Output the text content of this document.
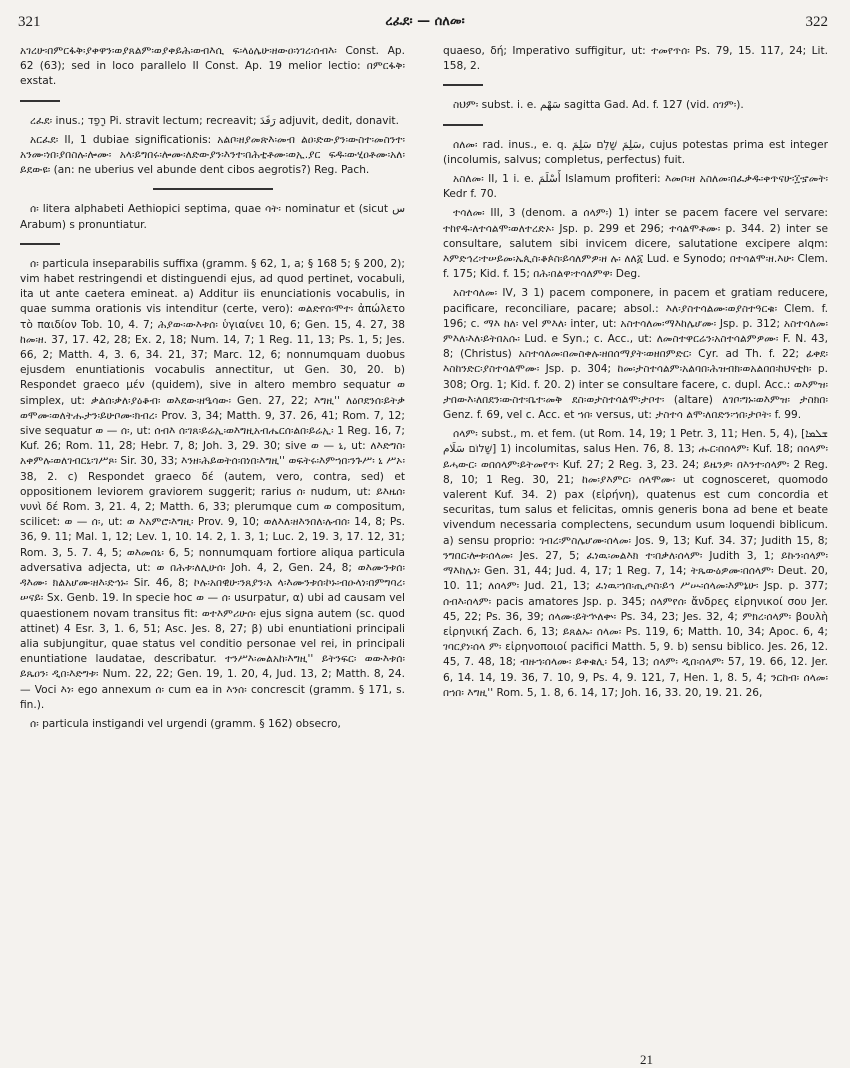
321	ረፈደ፡ — ሰለመ፡	322

አገረሁ፡በምርፋቅ፡ያቀዋን፡ወያጸልም፡ወያቀይሕ፡ወብእሲ ፍ፡ላዕሌሁ፡ዘውዐ፡ነገረ፡ሰብእ፡ Const. Ap. 62 (63); sed in loco parallelo II Const. Ap. 19 melior lectio: በምርፋቅ፡ exstat.

ረፈደ፡ inus.; רָפַד Pi. stravit lectum; recreavit; رَفَدَ adjuvit, dedit, donavit.

አርፈደ፡ II, 1 dubiae significationis: አልቦ፡ዘያመጽእ፡መብ ልዐ፡ድውያን፡ውስተ፡መስንተ፡አንሙ፡ነበ፡ያበስሉ፡ሎሙ፡ አላ፡ይግበሩ፡ሎሙ፡ለድውያን፡እንተ፡በሕቲቶሙ፡ወኢ.ያር ፍዱ፡ውሂዐቶሙ፡አለ፡ይደውዩ፡ (an: ne uberius vel abunde dent cibos aegrotis?) Reg. Pach.

ሰ፡ litera alphabeti Aethiopici septima, quae ሳት፡ nominatur et (sicut س Arabum) s pronuntiatur.

ሰ፡ particula inseparabilis suffixa (gramm. § 62, 1, a; § 168 5; § 200, 2); vim habet restringendi et distinguendi ejus, ad quod pertinet, vocabuli, ita ut ante caetera emineat. a) Additur iis enunciationis vocabulis, in quae summa orationis vis intenditur (certe, vero): ወልድየሰ፡ሞተ፡ ἀπώλετο τὸ παιδίον Tob. 10, 4. 7; ሕያው፡ውእቱሰ፡ ὑγιαίνει 10, 6; Gen. 15, 4. 27, 38 ከመ፡ዘ. 37, 17. 42, 28; Ex. 2, 18; Num. 14, 7; 1 Reg. 11, 13; Ps. 1, 5; Jes. 66, 2; Matth. 4, 3. 6, 34. 21, 37; Marc. 12, 6; nonnumquam duobus ejusdem enuntiationis vocabulis annectitur, ut Gen. 30, 20. b) Respondet graeco μέν (quidem), sive in altero membro sequatur ወ simplex, ut: ቃልሰ፡ቃለ፡ያዕቆብ፡ ወእደው፡ዘዔሳው፡ Gen. 27, 22; እግዚ'' ለዕቦደንሰ፡ይትቃ ወሞሙ፡ወለትሑታን፡ይሁቦሙ፡ክብረ፡ Prov. 3, 34; Matth. 9, 37. 26, 41; Rom. 7, 12; sive sequatur ወ — ሰ፡, ut: ሰብእ ሰ፡ገጸ፡ይሬኢ፡ወእግዚአብሔርሰ፡ልበ፡ይሬኢ፡ 1 Reg. 16, 7; Kuf. 26; Rom. 11, 28; Hebr. 7, 8; Joh. 3, 29. 30; sive ወ — ኒ, ut: ለእድግስ፡አቀምሉ፡ወለገብርኒ፡ገሥጾ፡ Sir. 30, 33; እንዘ፡ሕይወትሰ፡በነበ፡እግዚ'' ወፍትሩ፡እምኀበ፡ንጉሥ፡ ኒ ሥኦ፡ 38, 2. c) Respondet graeco δέ (autem, vero, contra, sed) et oppositionem leviorem graviorem suggerit; rarius ሰ፡ nudum, ut: ይእዜሰ፡ νυνὶ δέ Rom. 3, 21. 4, 2; Matth. 6, 33; plerumque cum ወ compositum, scilicet: ወ — ሰ፡, ut: ወ እአምሮ፡እግዚ፡ Prov. 9, 10; ወለእለ፡ዘእንበለ፡ሉብሰ፡ 14, 8; Ps. 36, 9. 11; Mal. 1, 12; Lev. 1, 10. 14. 2, 1. 3, 1; Luc. 2, 19. 3, 17. 12, 31; Rom. 3, 5. 7. 4, 5; ወእመሰኒ፡ 6, 5; nonnumquam fortiore aliqua particula adversativa adjecta, ut: ወ በሕቱ፡ለሊሁሰ፡ Joh. 4, 2, Gen. 24, 8; ወእሙንቱሰ፡ዳእሙ፡ ክልአሆሙ፡ዘእ፡ድኅኑ፡ Sir. 46, 8; ኮሉ፡አበዊሁ፡ንጸያን፡አ ላ፡እሙንቱሰ፡ኮኑ፡ብዑላነ፡በምግባረ፡ሠናይ፡ Sx. Genb. 19. In specie hoc ወ — ሰ፡ usurpatur, α) ubi ad causam vel quaestionem novam transitus fit: ወተእምሪሁሰ፡ ejus signa autem (sc. quod attinet) 4 Esr. 3, 1. 6, 51; Asc. Jes. 8, 27; β) ubi enuntiationi principali alia subjungitur, quae status vel conditio personae vel rei, in principali enuntiatione laudatae, describatur. ተንሥእ፡መልአከ፡እግዚ'' ይትንፍር፡ ወውእቱሰ፡ይጼዐን፡ ዲበ፡እድግቱ፡ Num. 22, 22; Gen. 19, 1. 20, 4, Jud. 13, 2; Matth. 8, 24. — Voci እነ፡ ego annexum ሰ፡ cum ea in እንሰ፡ concrescit (gramm. § 171, s. fin.).

ሰ፡ particula instigandi vel urgendi (gramm. § 162) obsecro,

quaeso, δή; Imperativo suffigitur, ut: ተመየጥሰ፡ Ps. 79, 15. 117, 24; Lit. 158, 2.

ስህም፡ subst. i. e. سَهْم sagitta Gad. Ad. f. 127 (vid. ሰገም፡).

ሰለመ፡ rad. inus., e. q. سَلِمَ שָׁלֵם سَلِمَ, cujus potestas prima est integer (incolumis, salvus; completus, perfectus) fuit.

አስለመ፡ II, 1 i. e. أَسْلَمَ Islamum profiteri: እመቦ፡ዘ አስለመ፡በፈቃዱ፡ቀጥናሁ፡፲ኇመት፡ Kedr f. 70.

ተሳለመ፡ III, 3 (denom. a ሰላም፡) 1) inter se pacem facere vel servare: ተከየዱ፡ለተሳልሞ፡ወለተረድኦ፡ Jsp. p. 299 et 296; ተሳልሞቶሙ፡ p. 344. 2) inter se consultare, salutem sibi invicem dicere, salutatione excipere alqm: እምድኅረ፡ተሠይመ፡ኤጲስ፡ቆጶስ፡ይሳለምዎ፡ዘ ሉ፡ ለለ፩ Lud. e Synodo; በተሳልሞ፡ዘ.እሁ፡ Clem. f. 175; Kid. f. 15; በሕ፡በልዋ፡ተሳለምዋ፡ Deg.

አስተሳለመ፡ IV, 3 1) pacem componere, in pacem et gratiam reducere, pacificare, reconciliare, pacare; absol.: እለ፡ያስተሳልሙ፡ወያስተዓርቁ፡ Clem. f. 196; c. ማእ ከለ፡ vel ምእለ፡ inter, ut: አስተሳለመ፡ማእከሌሆሙ፡ Jsp. p. 312; አስተሳለመ፡ምእለ፡እለ፡ይትበአሱ፡ Lud. e Syn.; c. Acc., ut: ለመስተዋርሬን፡አስተሳልምዎሙ፡ F. N. 43, 8; (Christus) አስተሳለመ፡በመስቀሉ፡ዘበሰማያት፡ወዘበምድር፡ Cyr. ad Th. f. 22; ፊቀደ፡እስከንድር፡ያስተሳልሞሙ፡ Jsp. p. 304; ከመ፡ታስተሳልም፡አልባበ፡ሕዝብክ፡ወአልበበ፡ከህናቲከ፡ p. 308; Org. 1; Kid. f. 20. 2) inter se consultare facere, c. dupl. Acc.: ወእምዝ፡ታበውእ፡ለበደን፡ውስተ፡ቤተ፡መቅ ደስ፡ወታስተሳልሞ፡ታቦተ፡ (altare) ለገቦ፡ግኑ፡ወእምዝ፡ ታስክበ፡ Genz. f. 69, vel c. Acc. et ኀበ፡ versus, ut: ታስተሳ ልሞ፡ለበድን፡ኀበ፡ታቦት፡ f. 99.

ሰላም፡ subst., m. et fem. (ut Rom. 14, 19; 1 Petr. 3, 11; Hen. 5, 4), [ܫܠܡܐ שָׁלוֹם سَلَام] 1) incolumitas, salus Hen. 76, 8. 13; ሑር፡በሰላም፡ Kuf. 18; በሰላም፡ይሓውር፡ ወበሰላም፡ይትመየጥ፡ Kuf. 27; 2 Reg. 3, 23. 24; ይዜንዎ፡ በእንተ፡ሰላም፡ 2 Reg. 8, 10; 1 Reg. 30, 21; ከመ፡ያእምር፡ ሰላሞሙ፡ ut cognosceret, quomodo valerent Kuf. 34. 2) pax (εἰρήνη), quatenus est cum concordia et securitas, tum salus et felicitas, omnis generis bona ad bene et beate vivendum necessaria complectens, secundum usum loquendi biblicum. a) sensu proprio: ገብረ፡ምስሌሆሙ፡ሰላመ፡ Jos. 9, 13; Kuf. 34. 37; Judith 15, 8; ንግበር፡ሎቱ፡ሰላመ፡ Jes. 27, 5; ፈነዉ፡መልእክ ተ፡በቃለ፡ሰላም፡ Judith 3, 1; ይኩን፡ሰላም፡ማእከሌነ፡ Gen. 31, 44; Jud. 4, 17; 1 Reg. 7, 14; ትጼውዕዎሙ፡በሰላም፡ Deut. 20, 10. 11; ለሰላም፡ Jud. 21, 13; ፈነዉ፡ኀበ፡ጢጦስ፡ይኅ ሥሡ፡ሰላመ፡እምኔሁ፡ Jsp. p. 377; ሰብእ፡ሰላም፡ pacis amatores Jsp. p. 345; ሰላምየሰ፡ ἄνδρες εἰρηνικοί σου Jer. 45, 22; Ps. 36, 39; ሰላሙ፡ይትኍለቍ፡ Ps. 34, 23; Jes. 32, 4; ምክረ፡ሰላም፡ βουλὴ εἰρηνική Zach. 6, 13; ይጸልኡ፡ ሰላመ፡ Ps. 119, 6; Matth. 10, 34; Apoc. 6, 4; ገባርያነ፡ሰላ ም፡ εἰρηνοποιοί pacifici Matth. 5, 9. b) sensu biblico. Jes. 26, 12. 45, 7. 48, 18; ብዙኀ፡ሰላሙ፡ ይቀቁሊ፡ 54, 13; ሰላም፡ ዲበ፡ሰላም፡ 57, 19. 66, 12. Jer. 6, 14. 14, 19. 36, 7. 10, 9, Ps. 4, 9. 121, 7, Hen. 1, 8. 5, 4; ንርከብ፡ ሰላመ፡በኀበ፡ እግዚ'' Rom. 5, 1. 8, 6. 14, 17; Joh. 16, 33. 20, 19. 21. 26,

21
